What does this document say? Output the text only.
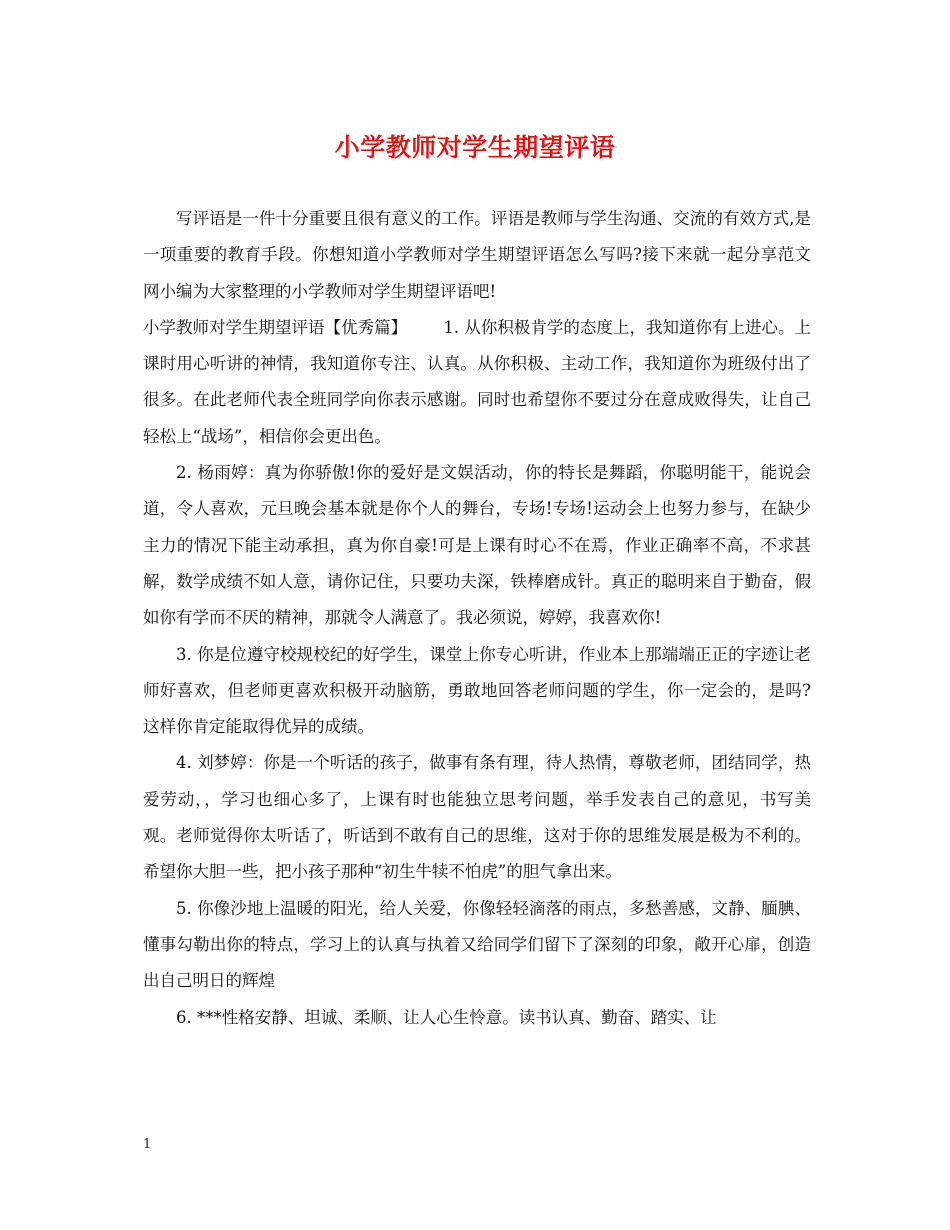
小学教师对学生期望评语

写评语是一件十分重要且很有意义的工作。评语是教师与学生沟通、交流的有效方式,是一项重要的教育手段。你想知道小学教师对学生期望评语怎么写吗?接下来就一起分享范文网小编为大家整理的小学教师对学生期望评语吧!

小学教师对学生期望评语【优秀篇】 1. 从你积极肯学的态度上，我知道你有上进心。上课时用心听讲的神情，我知道你专注、认真。从你积极、主动工作，我知道你为班级付出了很多。在此老师代表全班同学向你表示感谢。同时也希望你不要过分在意成败得失，让自己轻松上“战场”，相信你会更出色。

2. 杨雨婷：真为你骄傲!你的爱好是文娱活动，你的特长是舞蹈，你聪明能干，能说会道，令人喜欢，元旦晚会基本就是你个人的舞台，专场!专场!运动会上也努力参与，在缺少主力的情况下能主动承担，真为你自豪!可是上课有时心不在焉，作业正确率不高，不求甚解，数学成绩不如人意，请你记住，只要功夫深，铁棒磨成针。真正的聪明来自于勤奋，假如你有学而不厌的精神，那就令人满意了。我必须说，婷婷，我喜欢你!

3. 你是位遵守校规校纪的好学生，课堂上你专心听讲，作业本上那端端正正的字迹让老师好喜欢，但老师更喜欢积极开动脑筋，勇敢地回答老师问题的学生，你一定会的，是吗?这样你肯定能取得优异的成绩。

4. 刘梦婷：你是一个听话的孩子，做事有条有理，待人热情，尊敬老师，团结同学，热爱劳动，，学习也细心多了，上课有时也能独立思考问题，举手发表自己的意见，书写美观。老师觉得你太听话了，听话到不敢有自己的思维，这对于你的思维发展是极为不利的。希望你大胆一些，把小孩子那种“初生牛犊不怕虎”的胆气拿出来。

5. 你像沙地上温暖的阳光，给人关爱，你像轻轻滴落的雨点，多愁善感，文静、腼腆、懂事勾勒出你的特点，学习上的认真与执着又给同学们留下了深刻的印象，敞开心扉，创造出自己明日的辉煌

6. ***性格安静、坦诚、柔顺、让人心生怜意。读书认真、勤奋、踏实、让

1
